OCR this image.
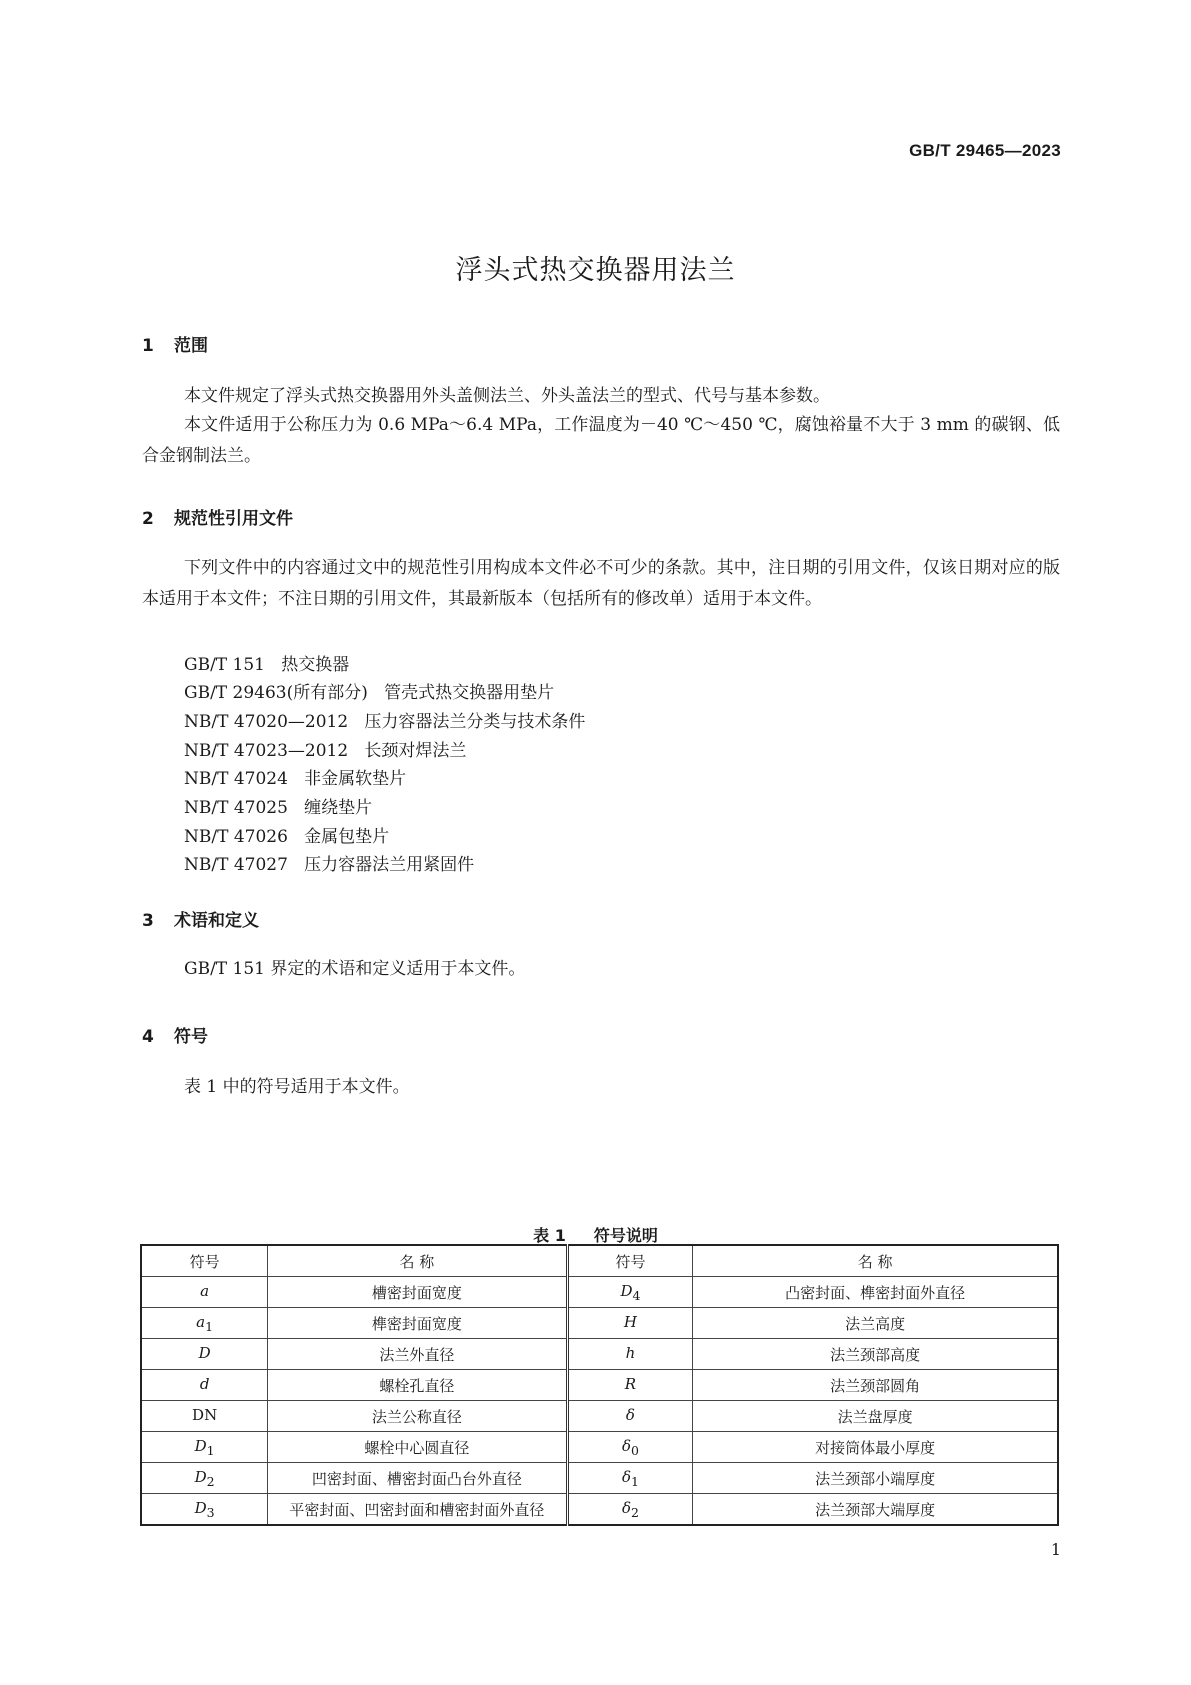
GB/T 29465—2023
浮头式热交换器用法兰
1 范围

本文件规定了浮头式热交换器用外头盖侧法兰、外头盖法兰的型式、代号与基本参数。

本文件适用于公称压力为 0.6 MPa～6.4 MPa，工作温度为－40 ℃～450 ℃，腐蚀裕量不大于 3 mm 的碳钢、低合金钢制法兰。

2 规范性引用文件

下列文件中的内容通过文中的规范性引用构成本文件必不可少的条款。其中，注日期的引用文件，仅该日期对应的版本适用于本文件；不注日期的引用文件，其最新版本（包括所有的修改单）适用于本文件。

GB/T 151 热交换器
GB/T 29463(所有部分) 管壳式热交换器用垫片
NB/T 47020—2012 压力容器法兰分类与技术条件
NB/T 47023—2012 长颈对焊法兰
NB/T 47024 非金属软垫片
NB/T 47025 缠绕垫片
NB/T 47026 金属包垫片
NB/T 47027 压力容器法兰用紧固件
3 术语和定义

GB/T 151 界定的术语和定义适用于本文件。

4 符号

表 1 中的符号适用于本文件。

表 1 符号说明
符号	名 称	符号	名 称
a	槽密封面宽度	$D_4$	凸密封面、榫密封面外直径
$a_1$	榫密封面宽度	H	法兰高度
D	法兰外直径	h	法兰颈部高度
d	螺栓孔直径	R	法兰颈部圆角
DN	法兰公称直径	δ	法兰盘厚度
$D_1$	螺栓中心圆直径	$\delta_0$	对接筒体最小厚度
$D_2$	凹密封面、槽密封面凸台外直径	$\delta_1$	法兰颈部小端厚度
$D_3$	平密封面、凹密封面和槽密封面外直径	$\delta_2$	法兰颈部大端厚度
1
